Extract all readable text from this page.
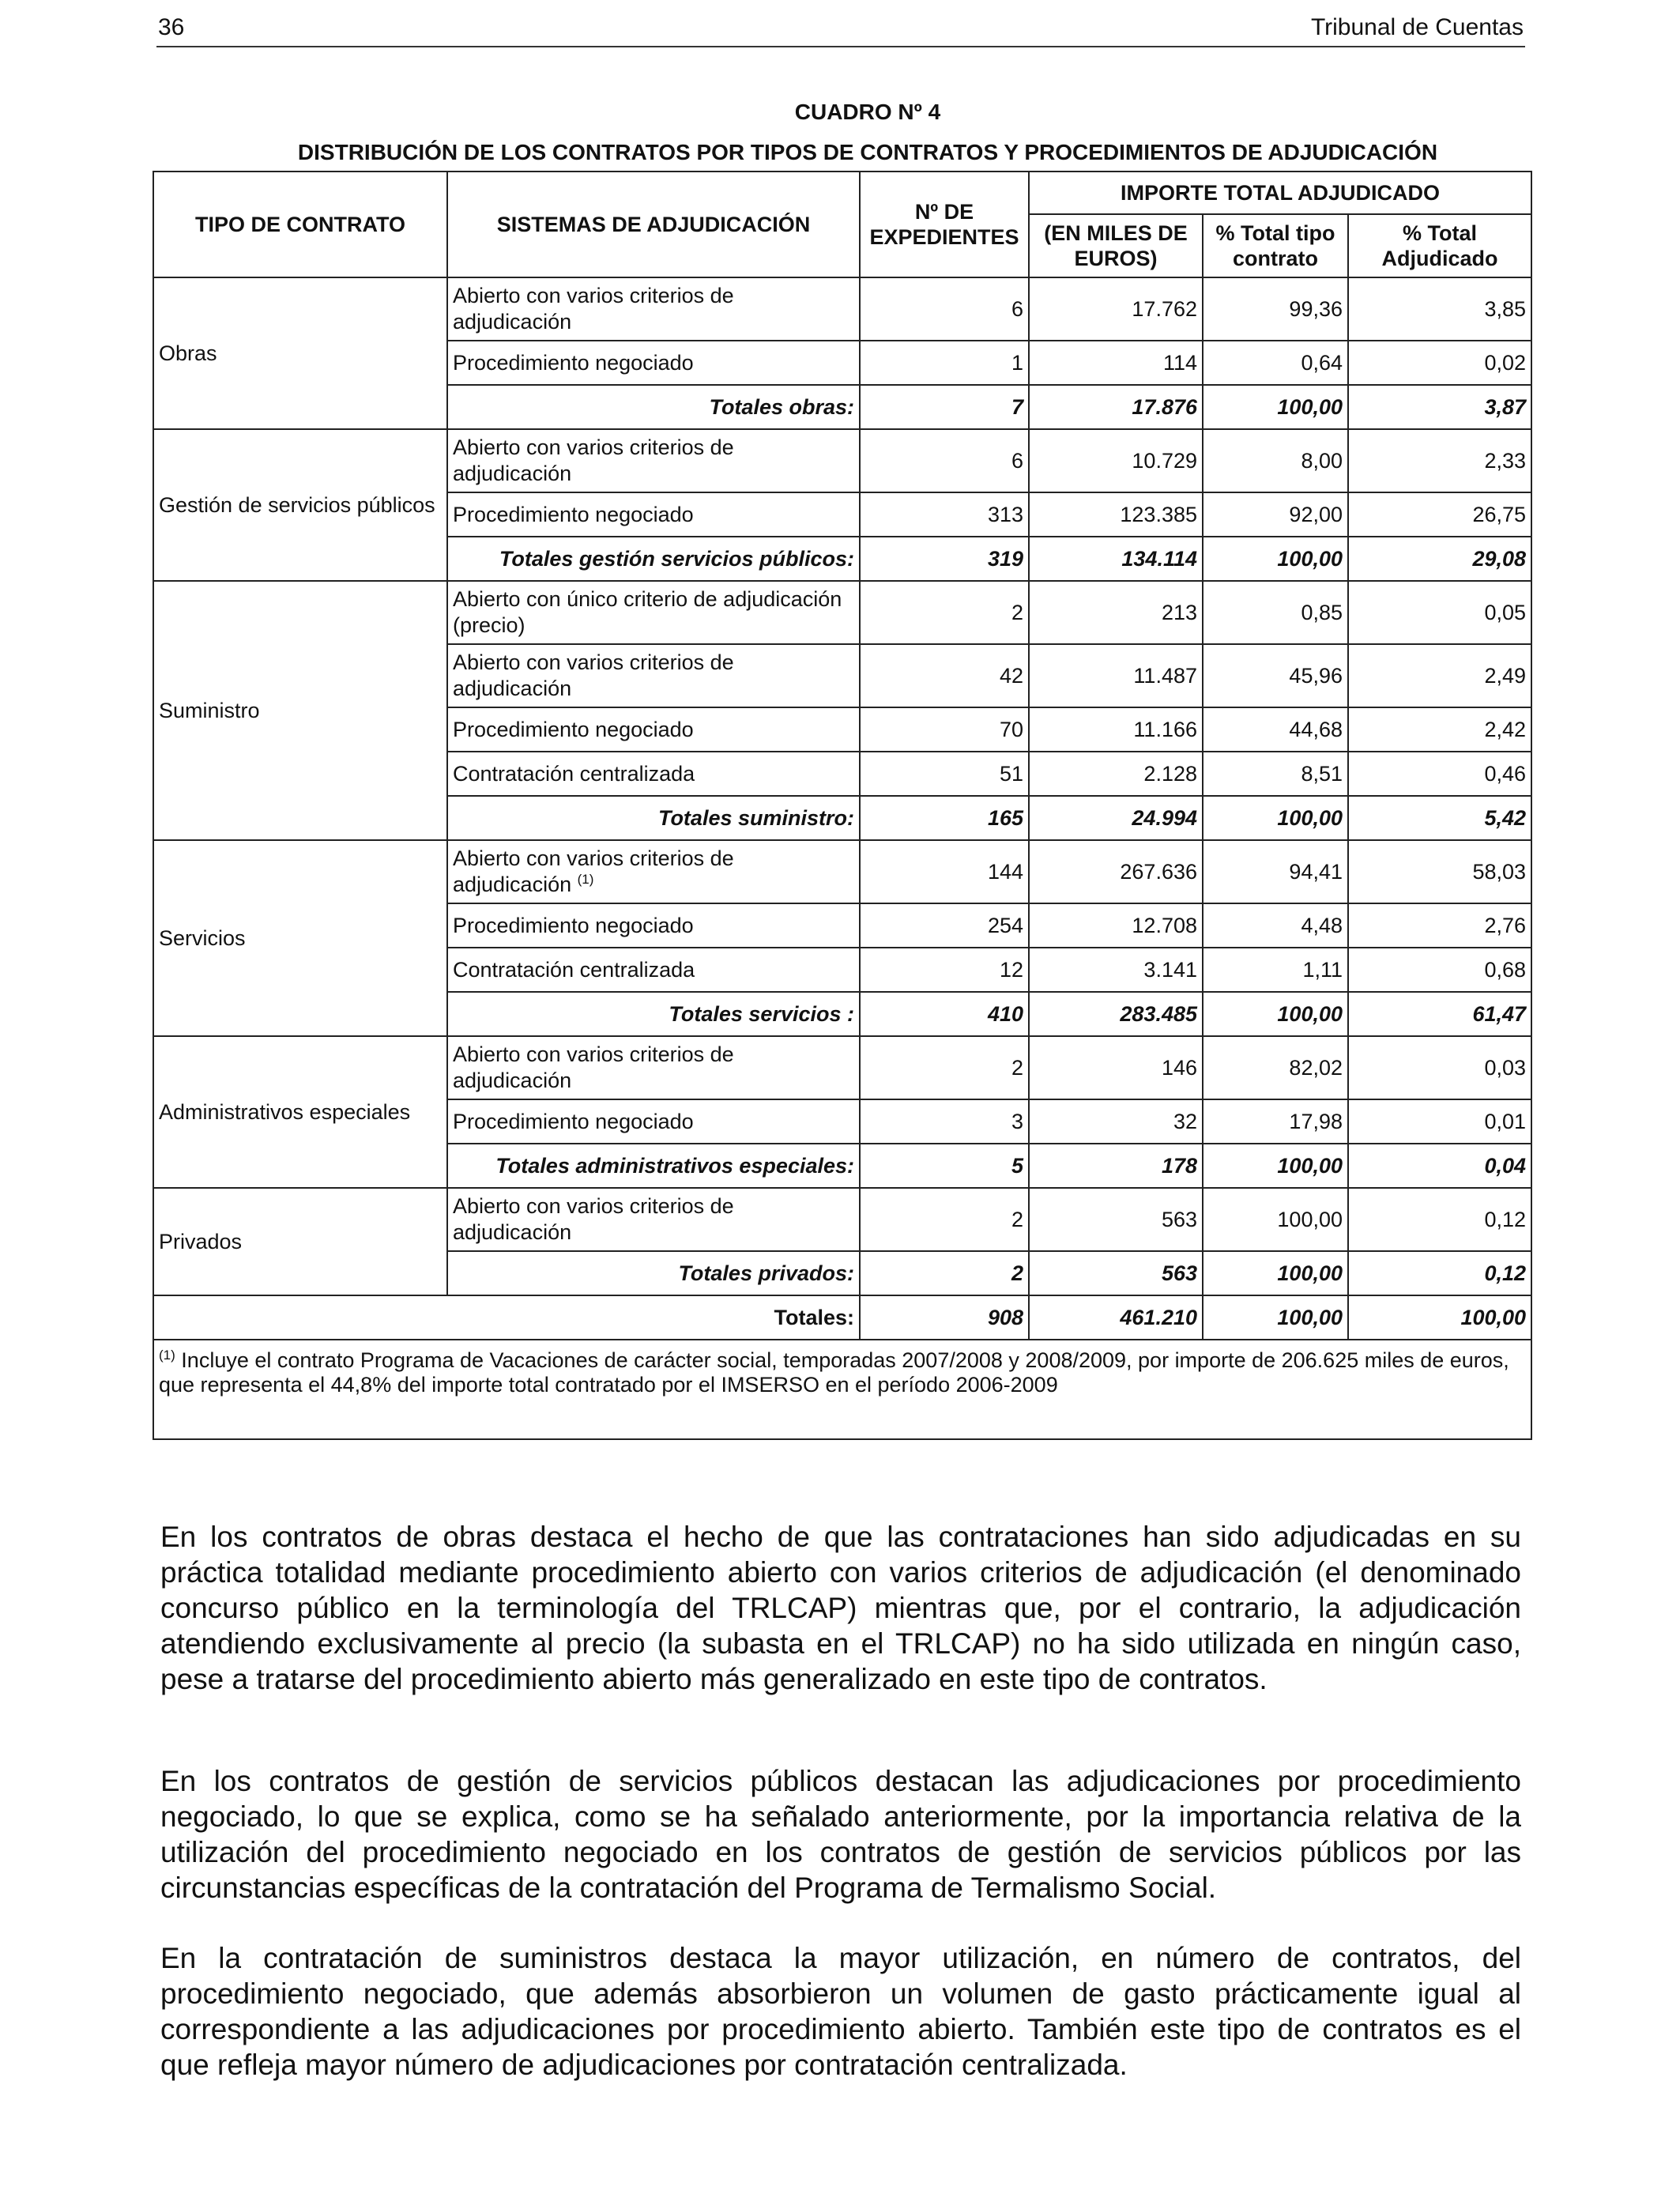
36	Tribunal de Cuentas
CUADRO Nº 4
DISTRIBUCIÓN DE LOS CONTRATOS POR TIPOS DE CONTRATOS Y PROCEDIMIENTOS DE ADJUDICACIÓN
TIPO DE CONTRATO	SISTEMAS DE ADJUDICACIÓN	Nº DE EXPEDIENTES	IMPORTE TOTAL ADJUDICADO		
			(EN MILES DE EUROS)	% Total tipo contrato	% Total Adjudicado
Obras	Abierto con varios criterios de adjudicación	6	17.762	99,36	3,85
	Procedimiento negociado	1	114	0,64	0,02
	Totales obras:	7	17.876	100,00	3,87
Gestión de servicios públicos	Abierto con varios criterios de adjudicación	6	10.729	8,00	2,33
	Procedimiento negociado	313	123.385	92,00	26,75
	Totales gestión servicios públicos:	319	134.114	100,00	29,08
Suministro	Abierto con único criterio de adjudicación (precio)	2	213	0,85	0,05
	Abierto con varios criterios de adjudicación	42	11.487	45,96	2,49
	Procedimiento negociado	70	11.166	44,68	2,42
	Contratación centralizada	51	2.128	8,51	0,46
	Totales suministro:	165	24.994	100,00	5,42
Servicios	Abierto con varios criterios de adjudicación $^{(1)}$	144	267.636	94,41	58,03
	Procedimiento negociado	254	12.708	4,48	2,76
	Contratación centralizada	12	3.141	1,11	0,68
	Totales servicios :	410	283.485	100,00	61,47
Administrativos especiales	Abierto con varios criterios de adjudicación	2	146	82,02	0,03
	Procedimiento negociado	3	32	17,98	0,01
	Totales administrativos especiales:	5	178	100,00	0,04
Privados	Abierto con varios criterios de adjudicación	2	563	100,00	0,12
	Totales privados:	2	563	100,00	0,12
Totales:		908	461.210	100,00	100,00
$^{(1)}$ Incluye el contrato Programa de Vacaciones de carácter social, temporadas 2007/2008 y 2008/2009, por importe de 206.625 miles de euros, que representa el 44,8% del importe total contratado por el IMSERSO en el período 2006-2009					

En los contratos de obras destaca el hecho de que las contrataciones han sido adjudicadas en su práctica totalidad mediante procedimiento abierto con varios criterios de adjudicación (el denominado concurso público en la terminología del TRLCAP) mientras que, por el contrario, la adjudicación atendiendo exclusivamente al precio (la subasta en el TRLCAP) no ha sido utilizada en ningún caso, pese a tratarse del procedimiento abierto más generalizado en este tipo de contratos.

En los contratos de gestión de servicios públicos destacan las adjudicaciones por procedimiento negociado, lo que se explica, como se ha señalado anteriormente, por la importancia relativa de la utilización del procedimiento negociado en los contratos de gestión de servicios públicos por las circunstancias específicas de la contratación del Programa de Termalismo Social.

En la contratación de suministros destaca la mayor utilización, en número de contratos, del procedimiento negociado, que además absorbieron un volumen de gasto prácticamente igual al correspondiente a las adjudicaciones por procedimiento abierto. También este tipo de contratos es el que refleja mayor número de adjudicaciones por contratación centralizada.
